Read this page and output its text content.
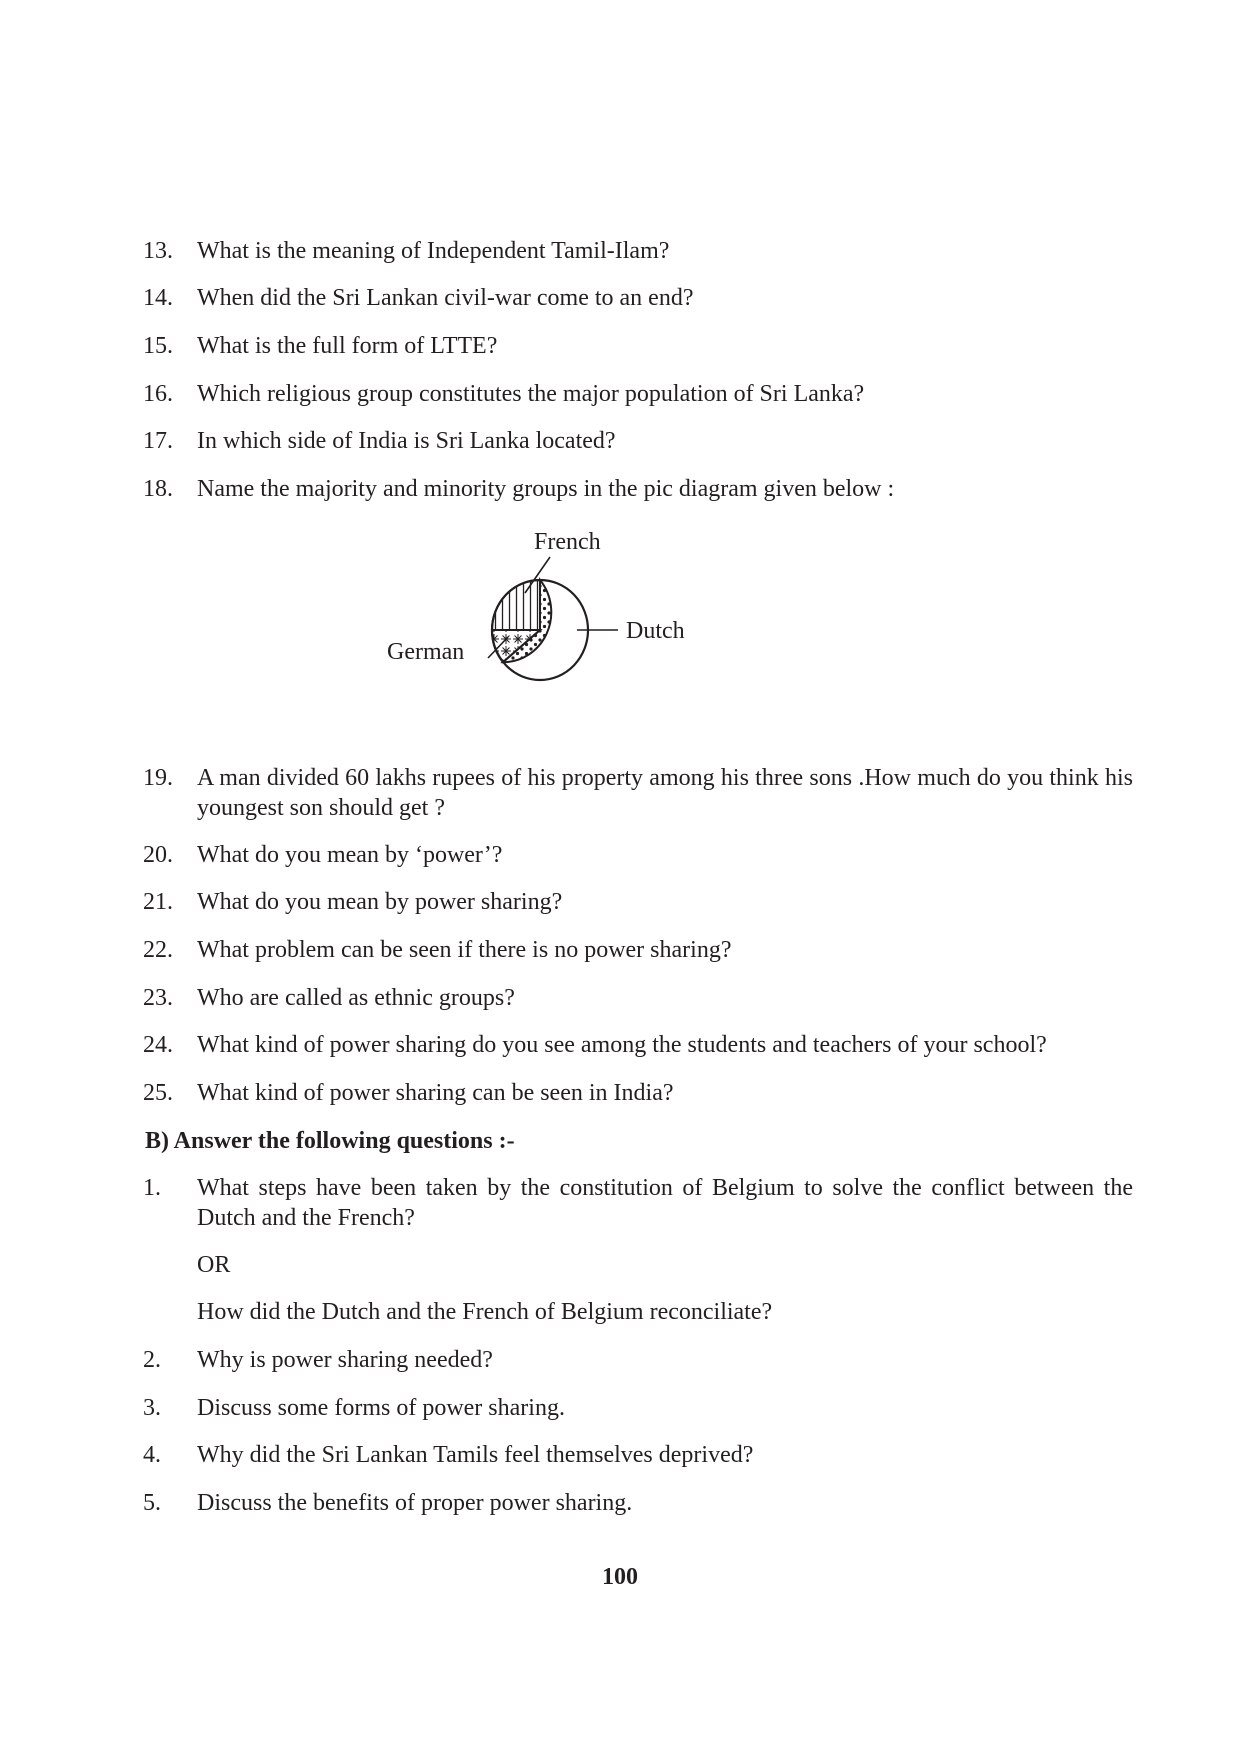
13. What is the meaning of Independent Tamil-Ilam?
14. When did the Sri Lankan civil-war come to an end?
15. What is the full form of LTTE?
16. Which religious group constitutes the major population of Sri Lanka?
17. In which side of India is Sri Lanka located?
18. Name the majority and minority groups in the pic diagram given below :
French
Dutch
German
19. A man divided 60 lakhs rupees of his property among his three sons .How much do you think his youngest son should get ?
20. What do you mean by ‘power’?
21. What do you mean by power sharing?
22. What problem can be seen if there is no power sharing?
23. Who are called as ethnic groups?
24. What kind of power sharing do you see among the students and teachers of your school?
25. What kind of power sharing can be seen in India?
B) Answer the following questions :-
1. What steps have been taken by the constitution of Belgium to solve the conflict between the Dutch and the French?
OR
How did the Dutch and the French of Belgium reconciliate?
2. Why is power sharing needed?
3. Discuss some forms of power sharing.
4. Why did the Sri Lankan Tamils feel themselves deprived?
5. Discuss the benefits of proper power sharing.
100
